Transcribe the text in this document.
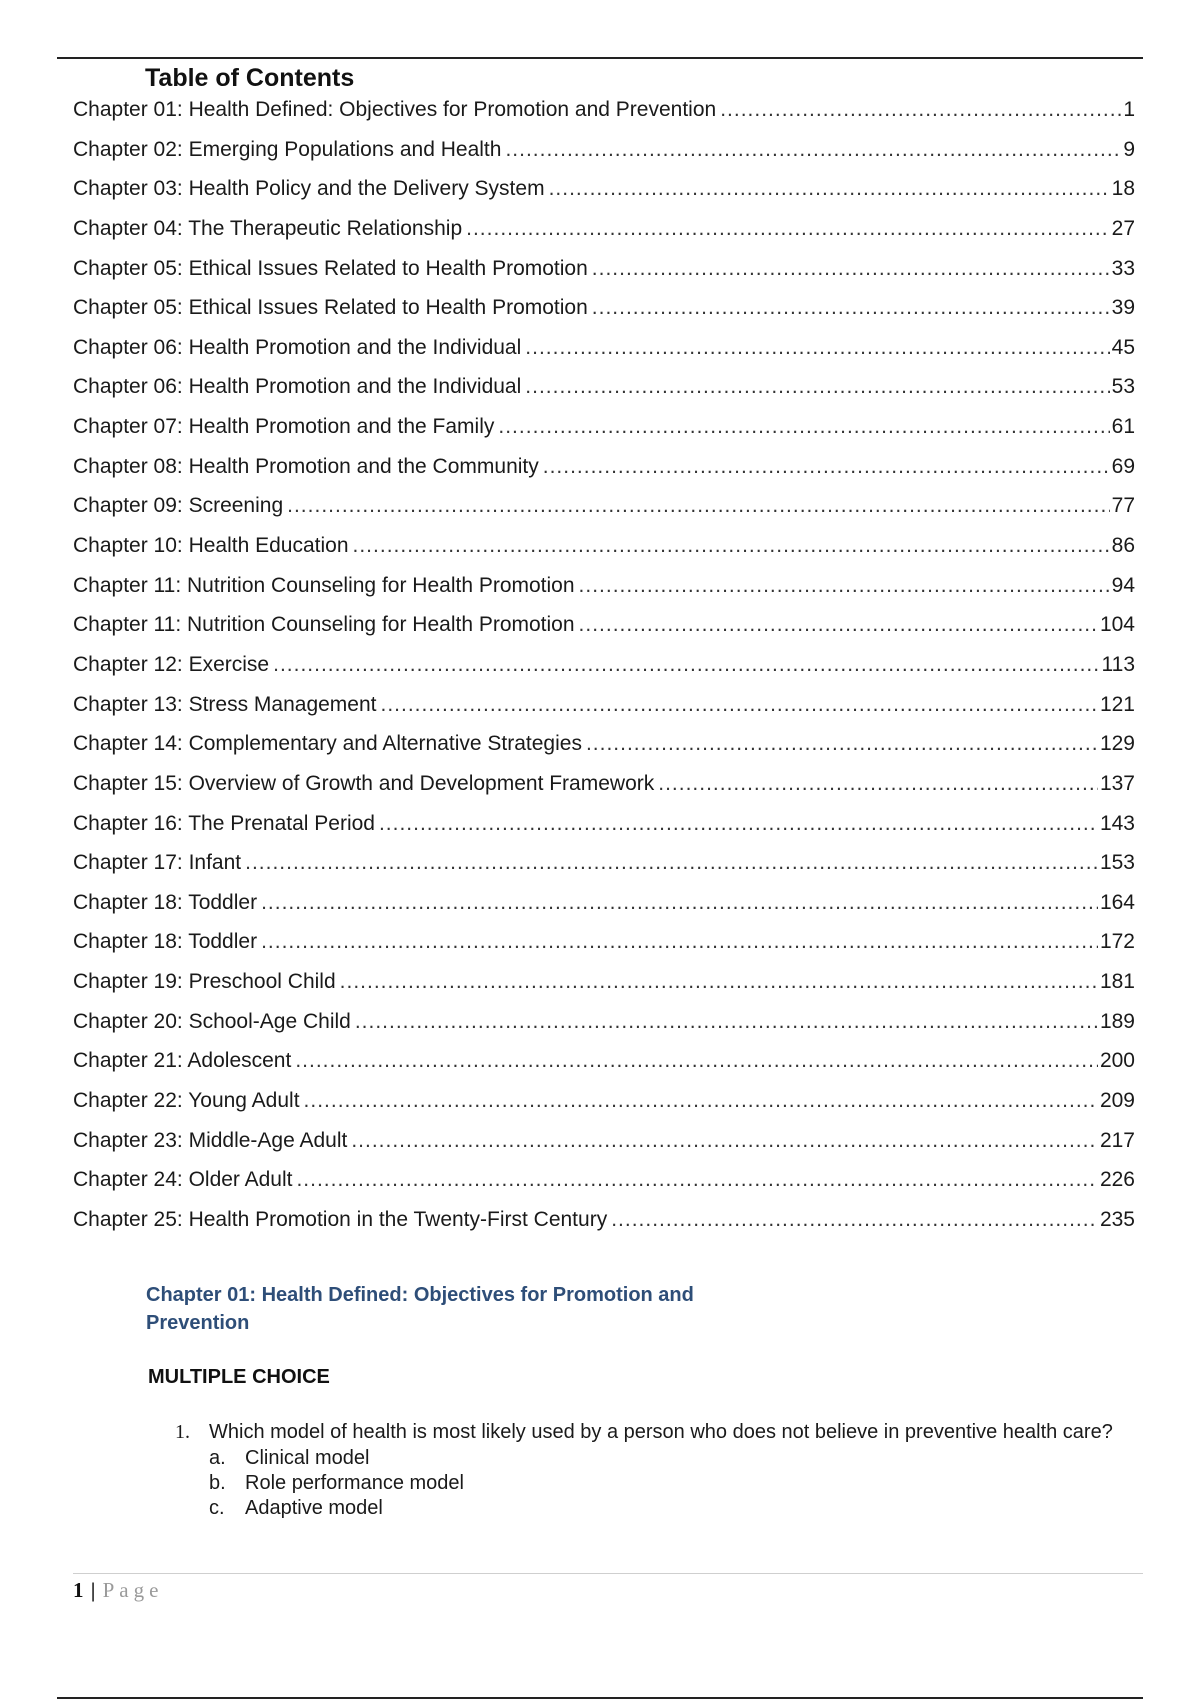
Table of Contents
Chapter 01: Health Defined: Objectives for Promotion and Prevention .....	1
Chapter 02: Emerging Populations and Health .....	9
Chapter 03: Health Policy and the Delivery System .....	18
Chapter 04: The Therapeutic Relationship .....	27
Chapter 05: Ethical Issues Related to Health Promotion .....	33
Chapter 05: Ethical Issues Related to Health Promotion .....	39
Chapter 06: Health Promotion and the Individual .....	45
Chapter 06: Health Promotion and the Individual .....	53
Chapter 07: Health Promotion and the Family .....	61
Chapter 08: Health Promotion and the Community .....	69
Chapter 09: Screening .....	77
Chapter 10: Health Education .....	86
Chapter 11: Nutrition Counseling for Health Promotion .....	94
Chapter 11: Nutrition Counseling for Health Promotion .....	104
Chapter 12: Exercise .....	113
Chapter 13: Stress Management .....	121
Chapter 14: Complementary and Alternative Strategies .....	129
Chapter 15: Overview of Growth and Development Framework .....	137
Chapter 16: The Prenatal Period .....	143
Chapter 17: Infant .....	153
Chapter 18: Toddler .....	164
Chapter 18: Toddler .....	172
Chapter 19: Preschool Child .....	181
Chapter 20: School-Age Child .....	189
Chapter 21: Adolescent .....	200
Chapter 22: Young Adult .....	209
Chapter 23: Middle-Age Adult .....	217
Chapter 24: Older Adult .....	226
Chapter 25: Health Promotion in the Twenty-First Century .....	235
Chapter 01: Health Defined: Objectives for Promotion and Prevention
MULTIPLE CHOICE
1. Which model of health is most likely used by a person who does not believe in preventive health care?
a. Clinical model
b. Role performance model
c.	Adaptive model
1 | Page
